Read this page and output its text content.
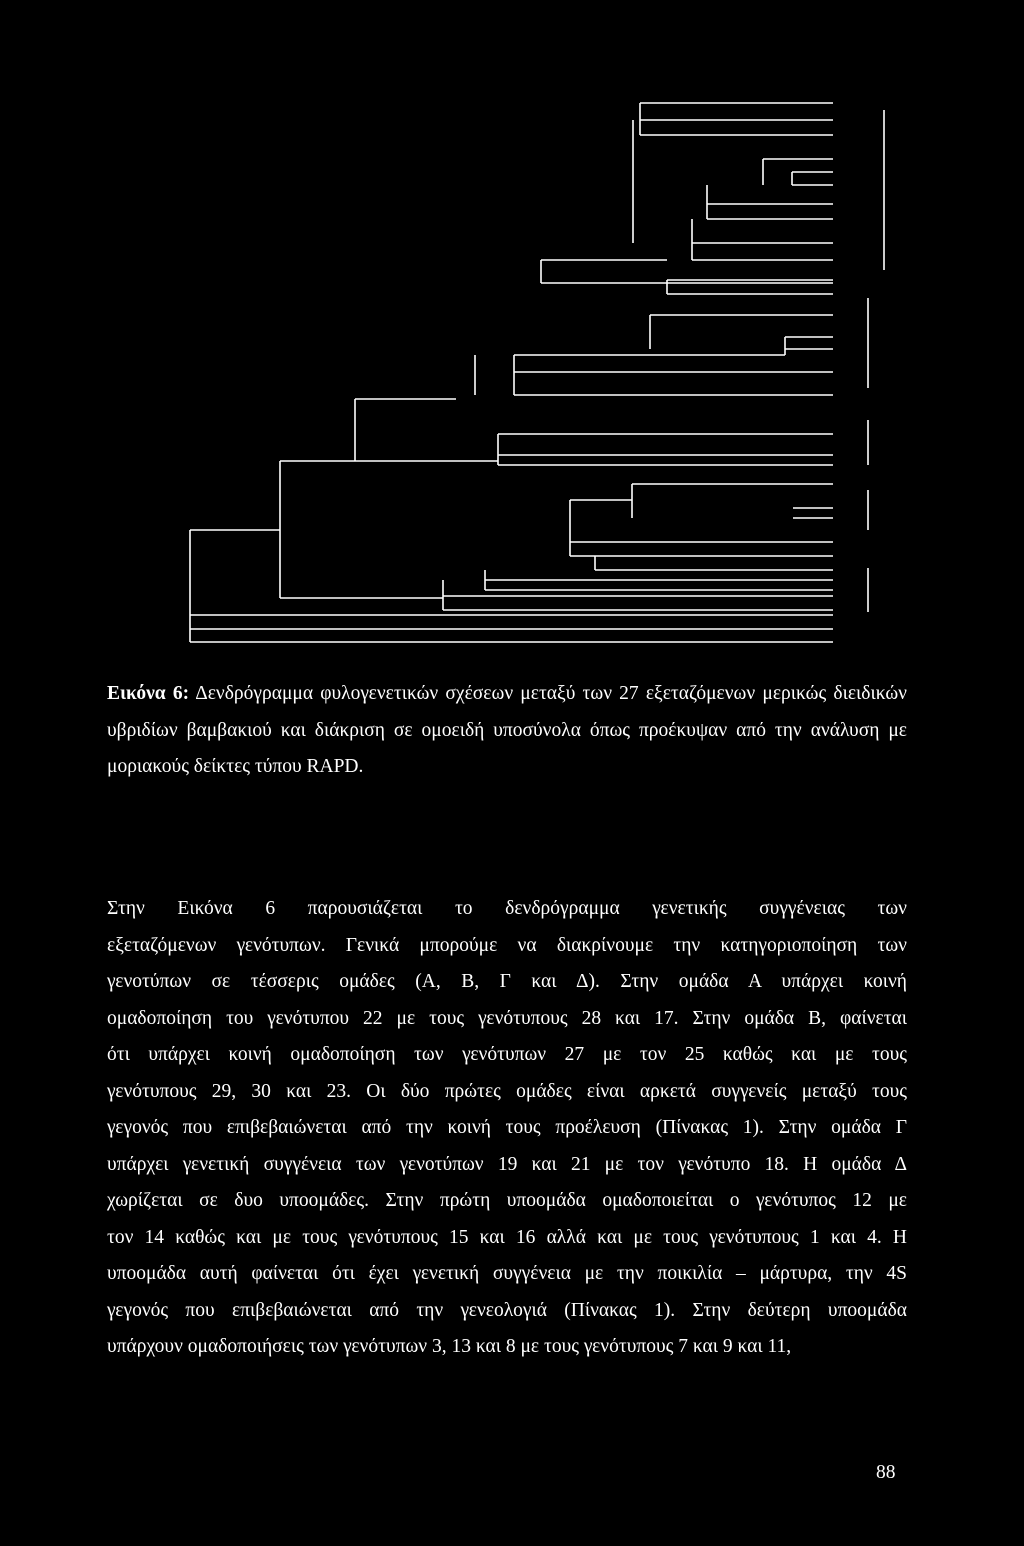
Εικόνα 6: Δενδρόγραμμα φυλογενετικών σχέσεων μεταξύ των 27 εξεταζόμενων μερικώς διειδικών υβριδίων βαμβακιού και διάκριση σε ομοειδή υποσύνολα όπως προέκυψαν από την ανάλυση με μοριακούς δείκτες τύπου RAPD.
Στην Εικόνα 6 παρουσιάζεται το δενδρόγραμμα γενετικής συγγένειας των
εξεταζόμενων γενότυπων. Γενικά μπορούμε να διακρίνουμε την κατηγοριοποίηση των
γενοτύπων σε τέσσερις ομάδες (Α, Β, Γ και Δ). Στην ομάδα Α υπάρχει κοινή
ομαδοποίηση του γενότυπου 22 με τους γενότυπους 28 και 17. Στην ομάδα Β, φαίνεται
ότι υπάρχει κοινή ομαδοποίηση των γενότυπων 27 με τον 25 καθώς και με τους
γενότυπους 29, 30 και 23. Οι δύο πρώτες ομάδες είναι αρκετά συγγενείς μεταξύ τους
γεγονός που επιβεβαιώνεται από την κοινή τους προέλευση (Πίνακας 1). Στην ομάδα Γ
υπάρχει γενετική συγγένεια των γενοτύπων 19 και 21 με τον γενότυπο 18. Η ομάδα Δ
χωρίζεται σε δυο υποομάδες. Στην πρώτη υποομάδα ομαδοποιείται ο γενότυπος 12 με
τον 14 καθώς και με τους γενότυπους 15 και 16 αλλά και με τους γενότυπους 1 και 4. Η
υποομάδα αυτή φαίνεται ότι έχει γενετική συγγένεια με την ποικιλία – μάρτυρα, την 4S
γεγονός που επιβεβαιώνεται από την γενεολογιά (Πίνακας 1). Στην δεύτερη υποομάδα
υπάρχουν ομαδοποιήσεις των γενότυπων 3, 13 και 8 με τους γενότυπους 7 και 9 και 11,
88
